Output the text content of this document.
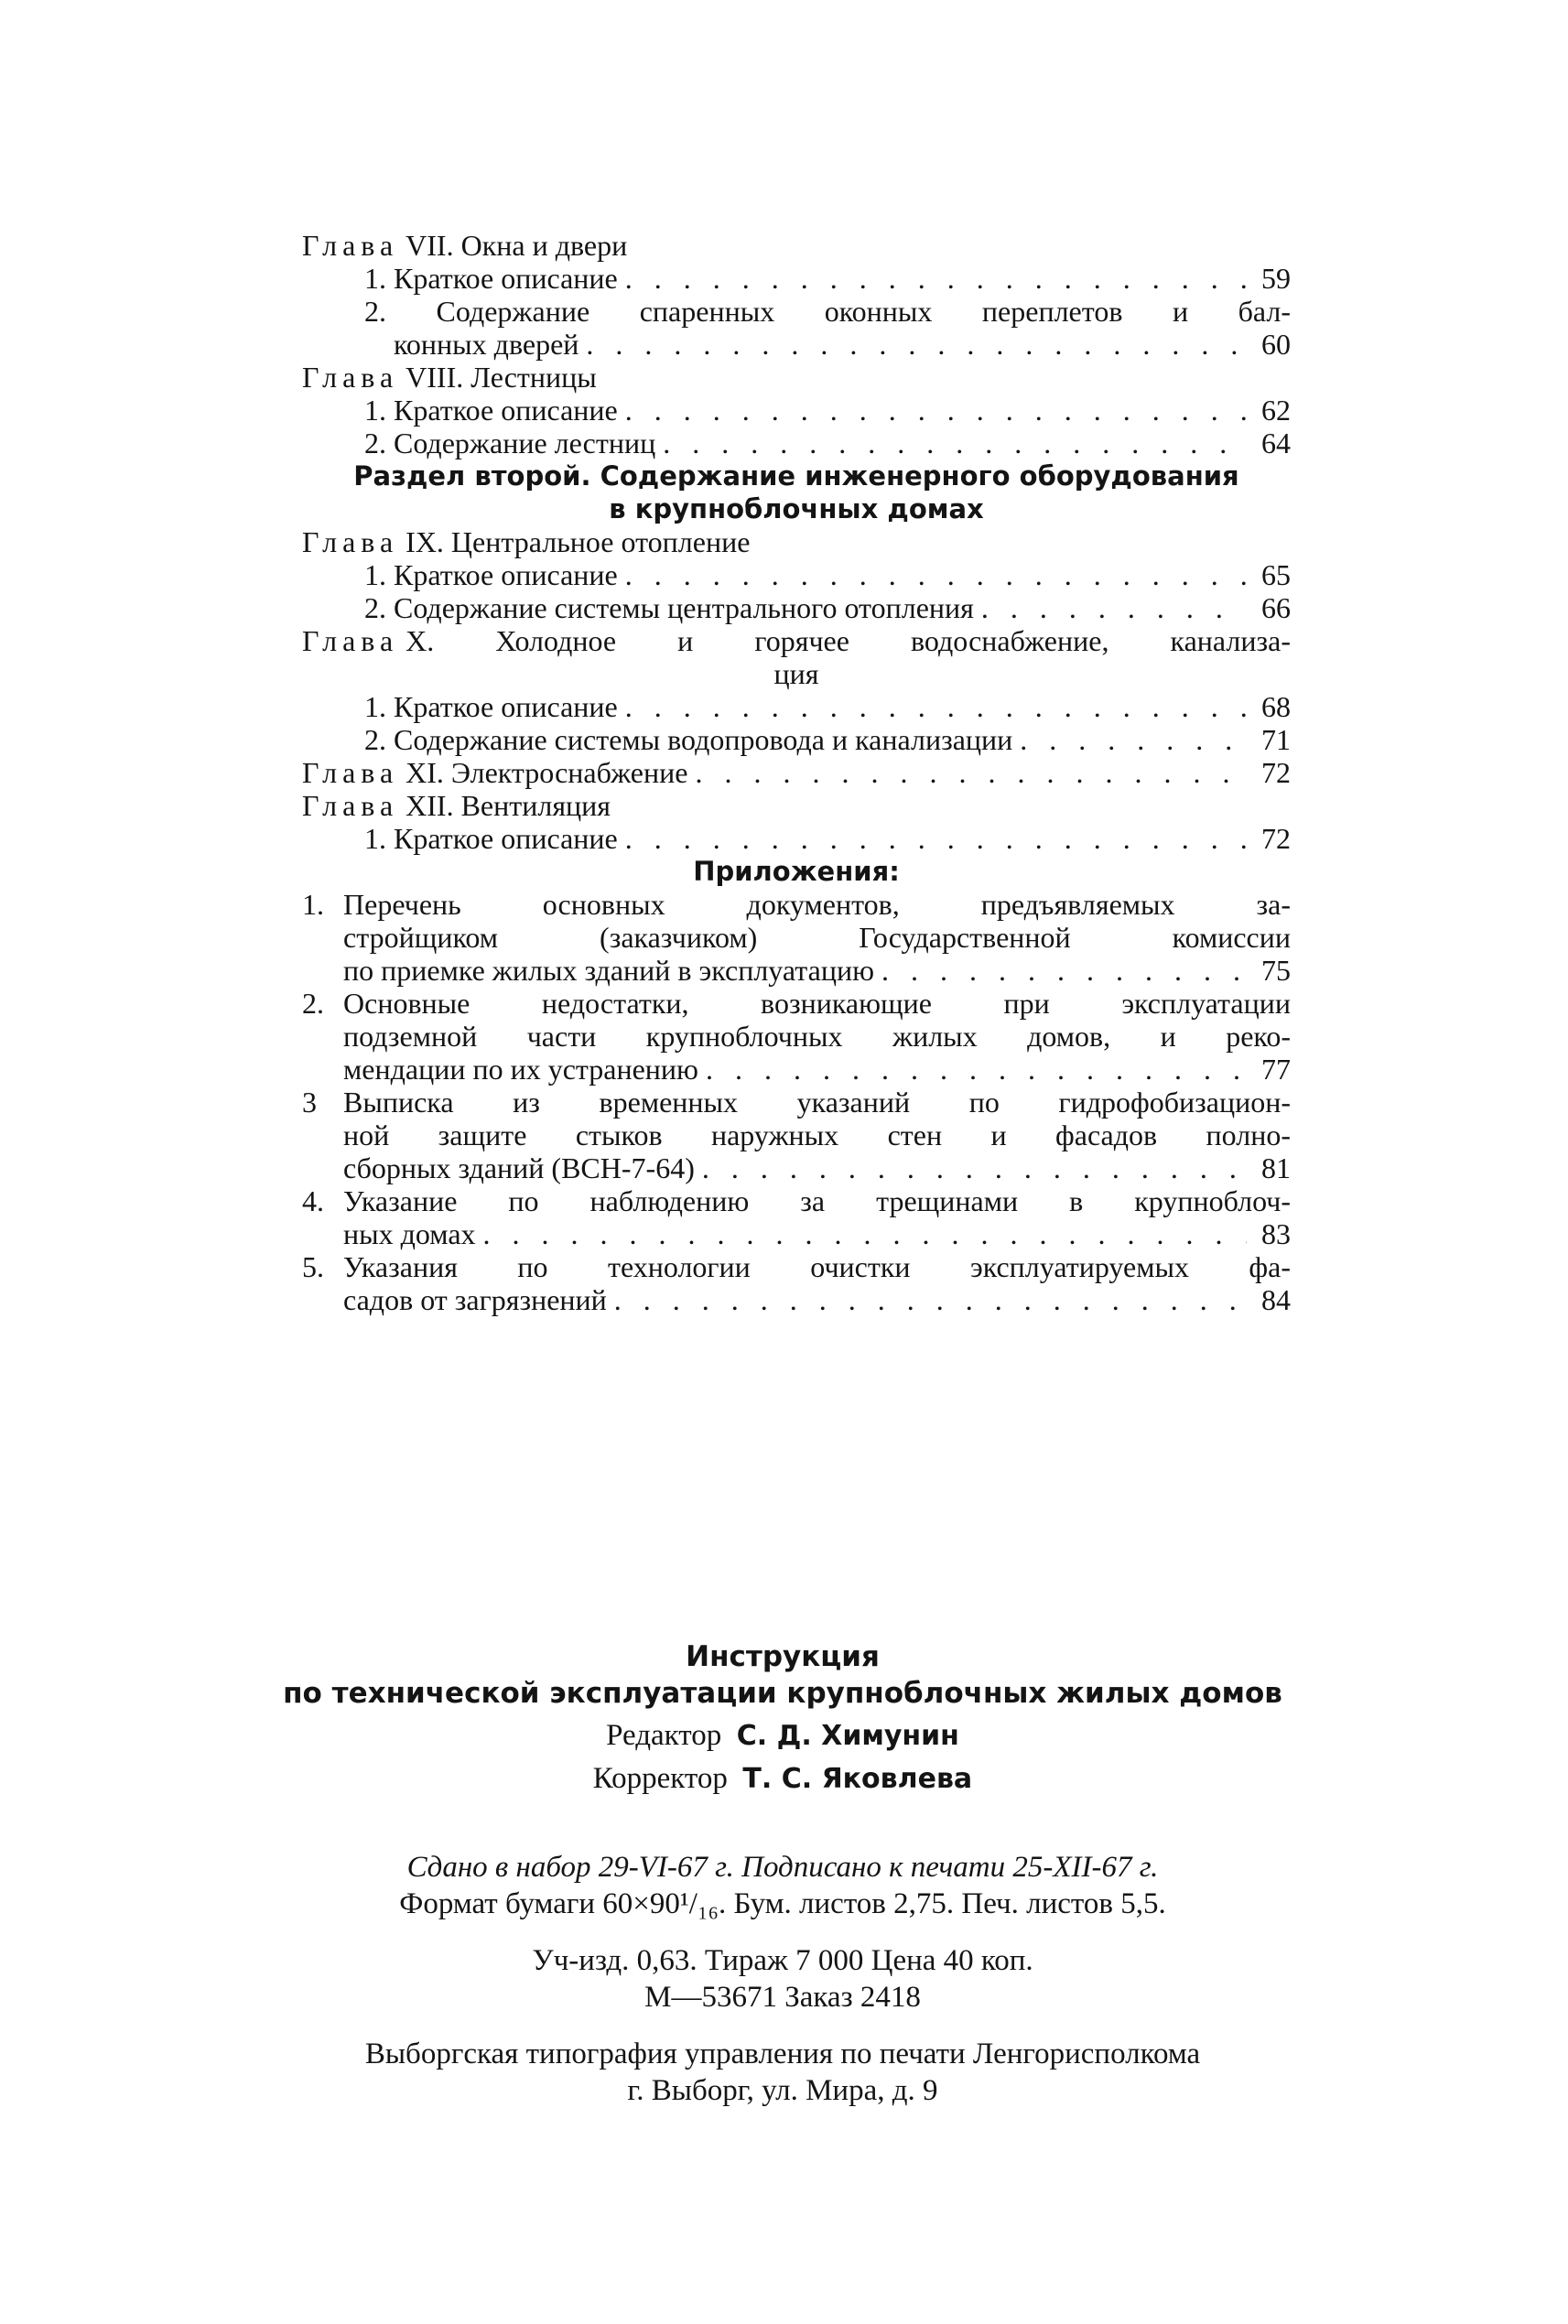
Глава
VII. Окна и двери
1. Краткое описание . . .	59
2. Содержание спаренных оконных переплетов и бал-
конных дверей . . .	60
Глава
VIII. Лестницы
1. Краткое описание . . .	62
2. Содержание лестниц . . .	64
Раздел второй. Содержание инженерного оборудования
в крупноблочных домах
Глава
IX. Центральное отопление
1. Краткое описание . . .	65
2. Содержание системы центрального отопления . . .	66
Глава
X. Холодное и горячее водоснабжение, канализа-
ция
1. Краткое описание . . .	68
2. Содержание системы водопровода и канализации . . .	71
Глава
XI. Электроснабжение . . .	72
Глава
XII. Вентиляция
1. Краткое описание . . .	72
Приложения:
1. Перечень основных документов, предъявляемых за-
стройщиком (заказчиком) Государственной комиссии
по приемке жилых зданий в эксплуатацию . . .	75
2. Основные недостатки, возникающие при эксплуатации
подземной части крупноблочных жилых домов, и реко-
мендации по их устранению . . .	77
3 Выписка из временных указаний по гидрофобизацион-
ной защите стыков наружных стен и фасадов полно-
сборных зданий (ВСН-7-64) . . .	81
4. Указание по наблюдению за трещинами в крупноблоч-
ных домах . . .	83
5. Указания по технологии очистки эксплуатируемых фа-
садов от загрязнений . . .	84
Инструкция
по технической эксплуатации крупноблочных жилых домов
Редактор С. Д. Химунин
Корректор Т. С. Яковлева
Сдано в набор 29-VI-67 г. Подписано к печати 25-XII-67 г.
Формат бумаги 60×90¹/₁₆. Бум. листов 2,75. Печ. листов 5,5.
Уч-изд. 0,63. Тираж 7 000 Цена 40 коп.
М—53671 Заказ 2418
Выборгская типография управления по печати Ленгорисполкома
г. Выборг, ул. Мира, д. 9
